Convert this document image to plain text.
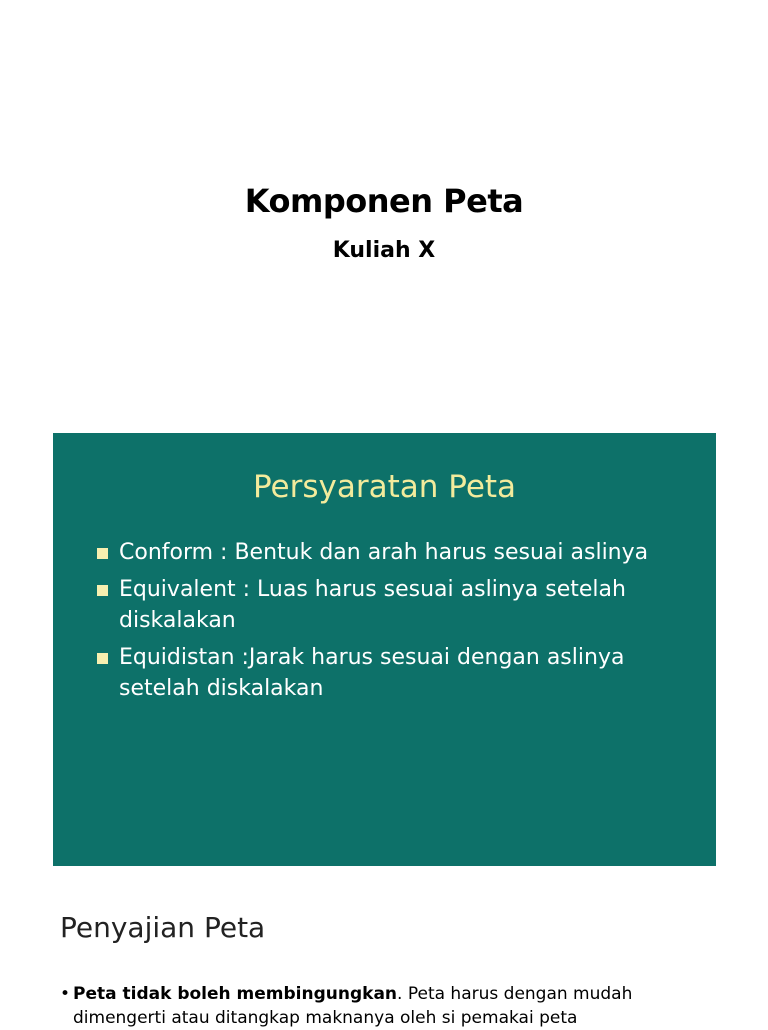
Komponen Peta
Kuliah X
Persyaratan Peta
Conform : Bentuk dan arah harus sesuai aslinya
Equivalent : Luas harus sesuai aslinya setelah diskalakan
Equidistan :Jarak harus sesuai dengan aslinya setelah diskalakan
Penyajian Peta
• Peta tidak boleh membingungkan. Peta harus dengan mudah dimengerti atau ditangkap maknanya oleh si pemakai peta
